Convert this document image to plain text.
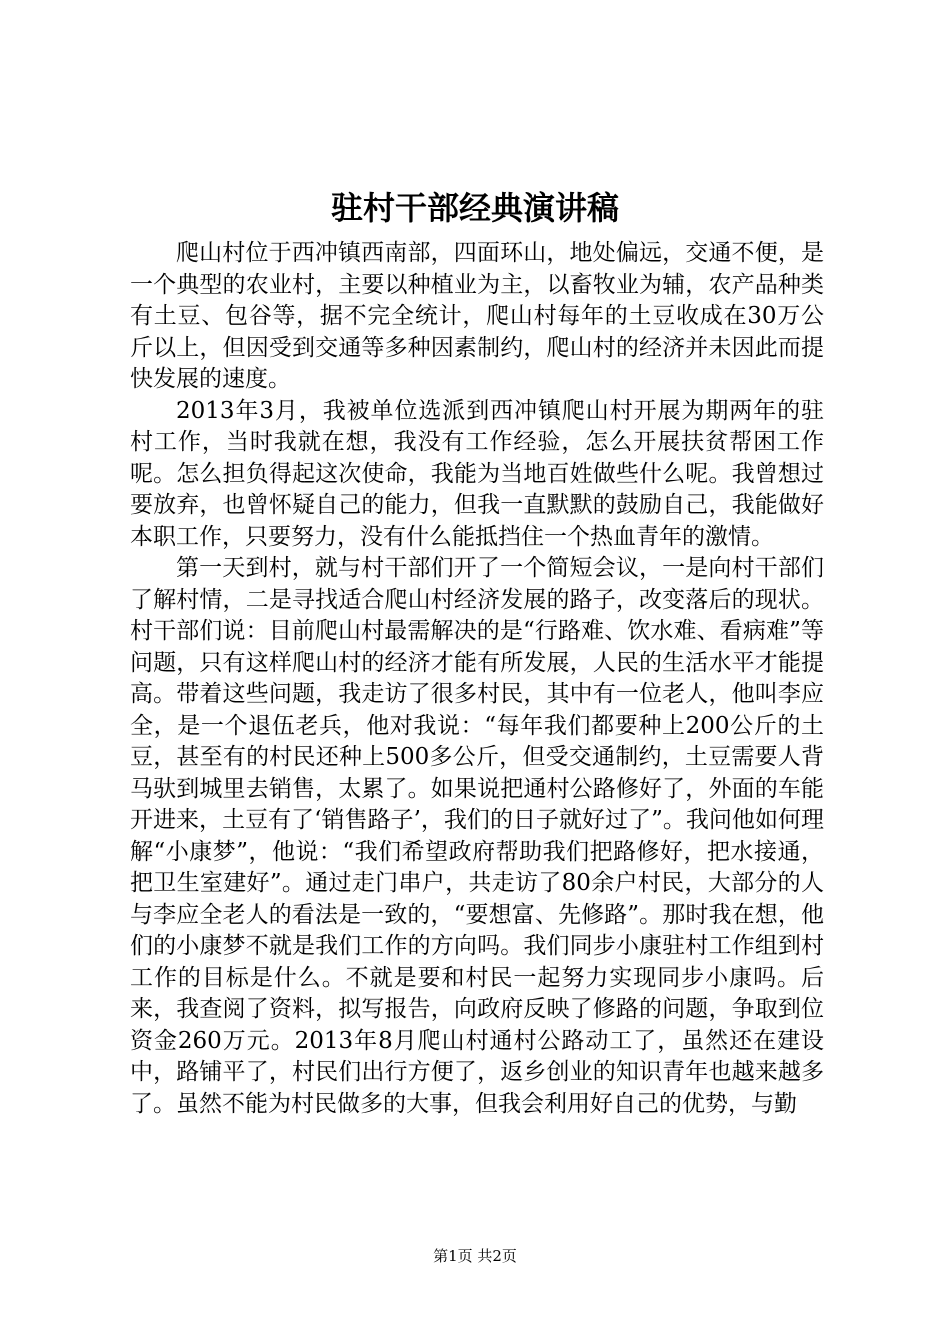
驻村干部经典演讲稿

爬山村位于西冲镇西南部，四面环山，地处偏远，交通不便，是一个典型的农业村，主要以种植业为主，以畜牧业为辅，农产品种类有土豆、包谷等，据不完全统计，爬山村每年的土豆收成在30万公斤以上，但因受到交通等多种因素制约，爬山村的经济并未因此而提快发展的速度。

2013年3月，我被单位选派到西冲镇爬山村开展为期两年的驻村工作，当时我就在想，我没有工作经验，怎么开展扶贫帮困工作呢。怎么担负得起这次使命，我能为当地百姓做些什么呢。我曾想过要放弃，也曾怀疑自己的能力，但我一直默默的鼓励自己，我能做好本职工作，只要努力，没有什么能抵挡住一个热血青年的激情。

第一天到村，就与村干部们开了一个简短会议，一是向村干部们了解村情，二是寻找适合爬山村经济发展的路子，改变落后的现状。村干部们说：目前爬山村最需解决的是“行路难、饮水难、看病难”等问题，只有这样爬山村的经济才能有所发展，人民的生活水平才能提高。带着这些问题，我走访了很多村民，其中有一位老人，他叫李应全，是一个退伍老兵，他对我说：“每年我们都要种上200公斤的土豆，甚至有的村民还种上500多公斤，但受交通制约，土豆需要人背马驮到城里去销售，太累了。如果说把通村公路修好了，外面的车能开进来，土豆有了‘销售路子’，我们的日子就好过了”。我问他如何理解“小康梦”，他说：“我们希望政府帮助我们把路修好，把水接通，把卫生室建好”。通过走门串户，共走访了80余户村民，大部分的人与李应全老人的看法是一致的，“要想富、先修路”。那时我在想，他们的小康梦不就是我们工作的方向吗。我们同步小康驻村工作组到村工作的目标是什么。不就是要和村民一起努力实现同步小康吗。后来，我查阅了资料，拟写报告，向政府反映了修路的问题，争取到位资金260万元。2013年8月爬山村通村公路动工了，虽然还在建设中，路铺平了，村民们出行方便了，返乡创业的知识青年也越来越多了。虽然不能为村民做多的大事，但我会利用好自己的优势，与勤

第1页 共2页
